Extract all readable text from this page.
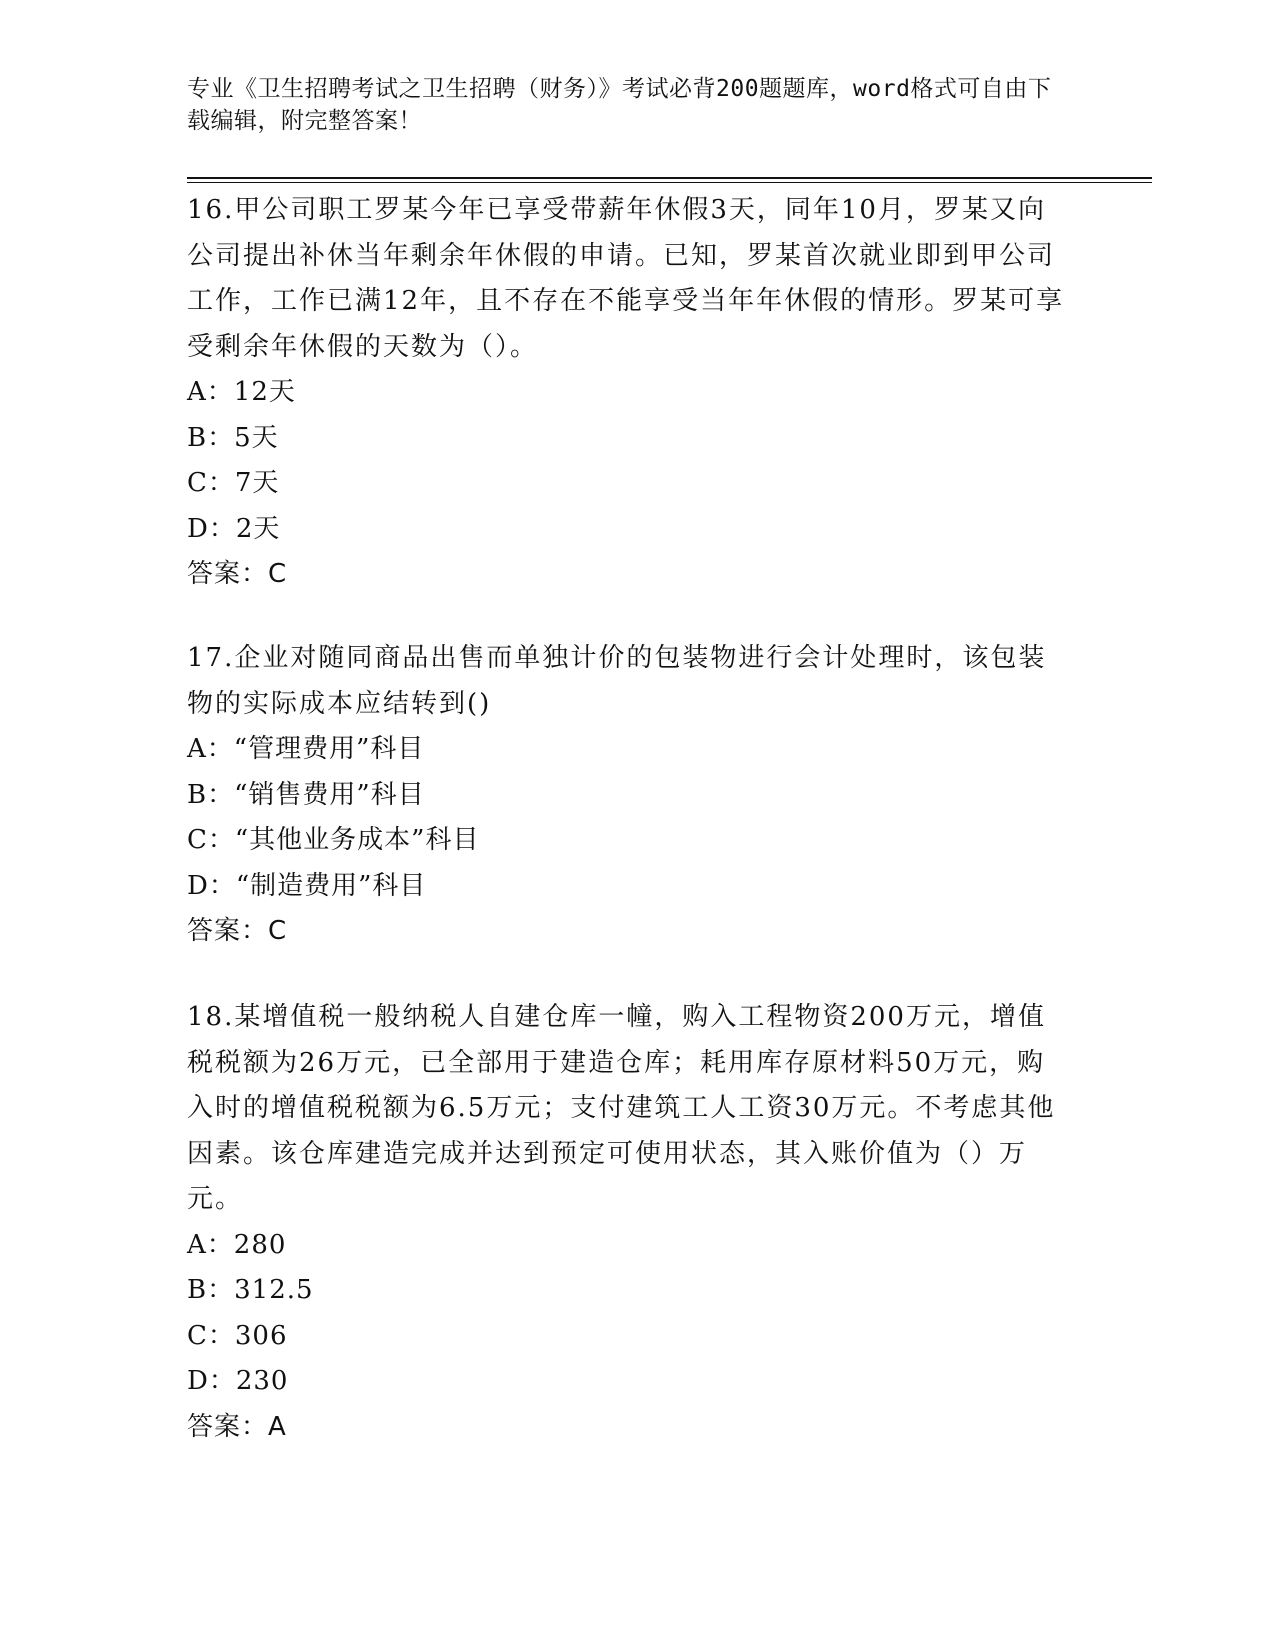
专业《卫生招聘考试之卫生招聘（财务）》考试必背200题题库，word格式可自由下载编辑，附完整答案！

16.甲公司职工罗某今年已享受带薪年休假3天，同年10月，罗某又向公司提出补休当年剩余年休假的申请。已知，罗某首次就业即到甲公司工作，工作已满12年，且不存在不能享受当年年休假的情形。罗某可享受剩余年休假的天数为（）。

A：12天
B：5天
C：7天
D：2天
答案：C

17.企业对随同商品出售而单独计价的包装物进行会计处理时，该包装物的实际成本应结转到()

A：“管理费用”科目
B：“销售费用”科目
C：“其他业务成本”科目
D：“制造费用”科目
答案：C

18.某增值税一般纳税人自建仓库一幢，购入工程物资200万元，增值税税额为26万元，已全部用于建造仓库；耗用库存原材料50万元，购入时的增值税税额为6.5万元；支付建筑工人工资30万元。不考虑其他因素。该仓库建造完成并达到预定可使用状态，其入账价值为（）万元。

A：280
B：312.5
C：306
D：230
答案：A
